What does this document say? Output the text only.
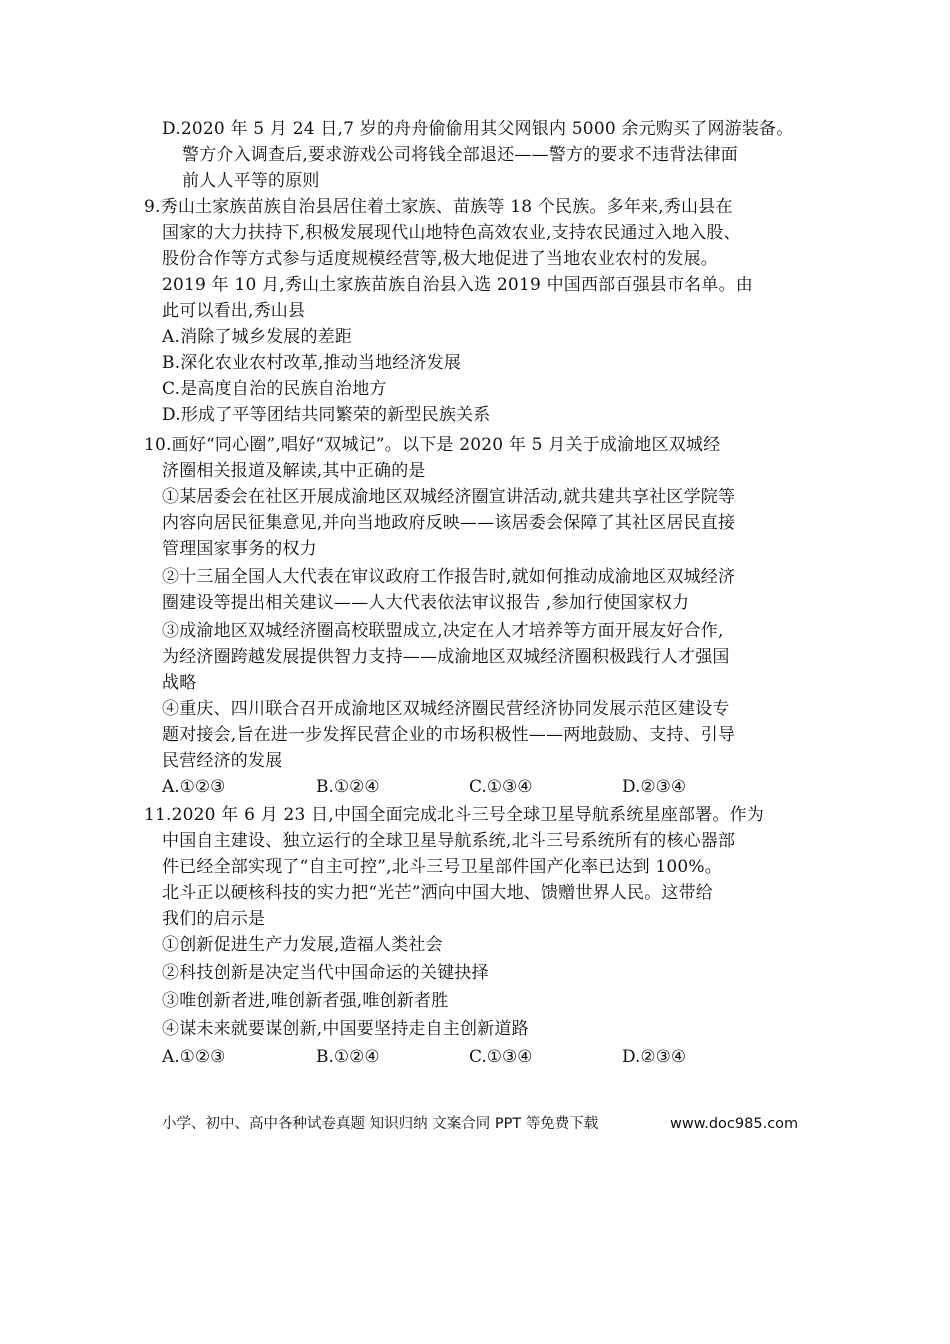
D.2020 年 5 月 24 日,7 岁的舟舟偷偷用其父网银内 5000 余元购买了网游装备。
警方介入调查后,要求游戏公司将钱全部退还——警方的要求不违背法律面
前人人平等的原则
9.秀山土家族苗族自治县居住着土家族、苗族等 18 个民族。多年来,秀山县在
国家的大力扶持下,积极发展现代山地特色高效农业,支持农民通过入地入股、
股份合作等方式参与适度规模经营等,极大地促进了当地农业农村的发展。
2019 年 10 月,秀山土家族苗族自治县入选 2019 中国西部百强县市名单。由
此可以看出,秀山县
A.消除了城乡发展的差距
B.深化农业农村改革,推动当地经济发展
C.是高度自治的民族自治地方
D.形成了平等团结共同繁荣的新型民族关系
10.画好“同心圈”,唱好“双城记”。以下是 2020 年 5 月关于成渝地区双城经
济圈相关报道及解读,其中正确的是
①某居委会在社区开展成渝地区双城经济圈宣讲活动,就共建共享社区学院等
内容向居民征集意见,并向当地政府反映——该居委会保障了其社区居民直接
管理国家事务的权力
②十三届全国人大代表在审议政府工作报告时,就如何推动成渝地区双城经济
圈建设等提出相关建议——人大代表依法审议报告 ,参加行使国家权力
③成渝地区双城经济圈高校联盟成立,决定在人才培养等方面开展友好合作,
为经济圈跨越发展提供智力支持——成渝地区双城经济圈积极践行人才强国
战略
④重庆、四川联合召开成渝地区双城经济圈民营经济协同发展示范区建设专
题对接会,旨在进一步发挥民营企业的市场积极性——两地鼓励、支持、引导
民营经济的发展
A.①②③	B.①②④	C.①③④	D.②③④
11.2020 年 6 月 23 日,中国全面完成北斗三号全球卫星导航系统星座部署。作为
中国自主建设、独立运行的全球卫星导航系统,北斗三号系统所有的核心器部
件已经全部实现了“自主可控”,北斗三号卫星部件国产化率已达到 100%。
北斗正以硬核科技的实力把“光芒”洒向中国大地、馈赠世界人民。这带给
我们的启示是
①创新促进生产力发展,造福人类社会
②科技创新是决定当代中国命运的关键抉择
③唯创新者进,唯创新者强,唯创新者胜
④谋未来就要谋创新,中国要坚持走自主创新道路
A.①②③	B.①②④	C.①③④	D.②③④
小学、初中、高中各种试卷真题 知识归纳 文案合同 PPT 等免费下载	www.doc985.com
